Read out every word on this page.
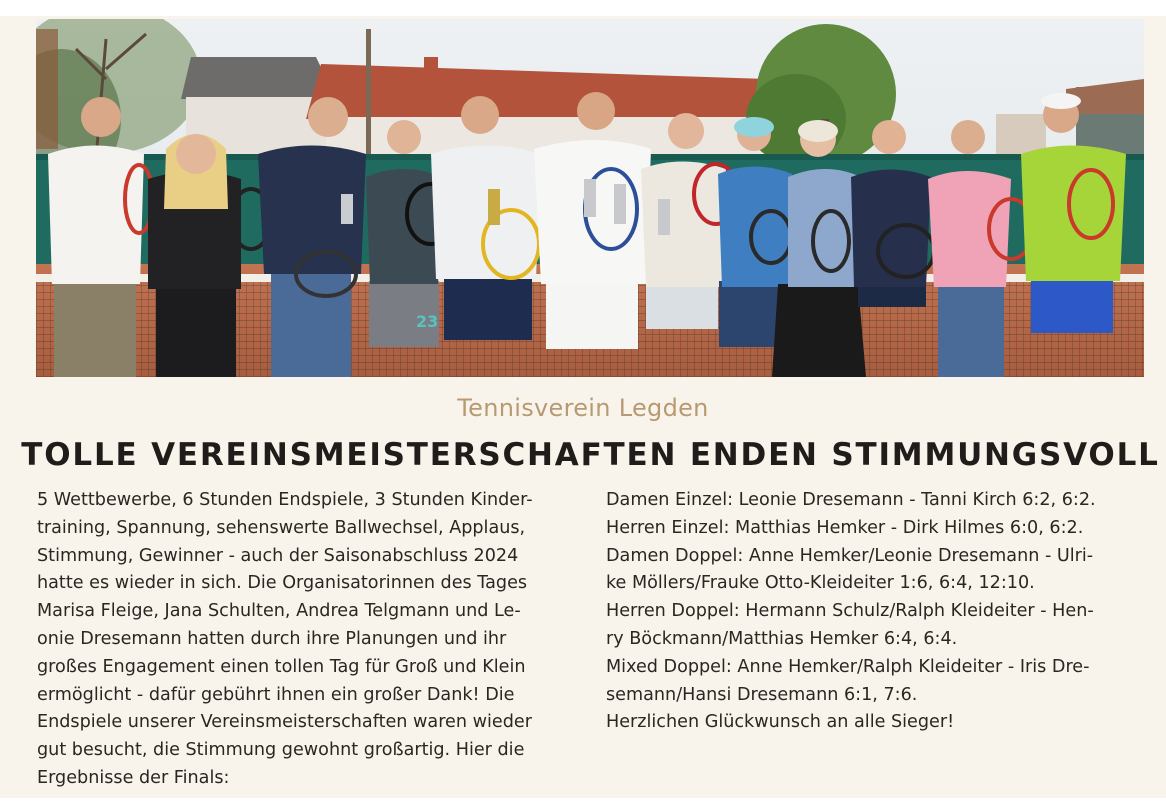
23
Tennisverein Legden
TOLLE VEREINSMEISTERSCHAFTEN ENDEN STIMMUNGSVOLL
5 Wettbewerbe, 6 Stunden Endspiele, 3 Stunden Kinder-
training, Spannung, sehenswerte Ballwechsel, Applaus,
Stimmung, Gewinner - auch der Saisonabschluss 2024
hatte es wieder in sich. Die Organisatorinnen des Tages
Marisa Fleige, Jana Schulten, Andrea Telgmann und Le-
onie Dresemann hatten durch ihre Planungen und ihr
großes Engagement einen tollen Tag für Groß und Klein
ermöglicht - dafür gebührt ihnen ein großer Dank! Die
Endspiele unserer Vereinsmeisterschaften waren wieder
gut besucht, die Stimmung gewohnt großartig. Hier die
Ergebnisse der Finals:
Damen Einzel: Leonie Dresemann - Tanni Kirch 6:2, 6:2.
Herren Einzel: Matthias Hemker - Dirk Hilmes 6:0, 6:2.
Damen Doppel: Anne Hemker/Leonie Dresemann - Ulri-
ke Möllers/Frauke Otto-Kleideiter 1:6, 6:4, 12:10.
Herren Doppel: Hermann Schulz/Ralph Kleideiter - Hen-
ry Böckmann/Matthias Hemker 6:4, 6:4.
Mixed Doppel: Anne Hemker/Ralph Kleideiter - Iris Dre-
semann/Hansi Dresemann 6:1, 7:6.
Herzlichen Glückwunsch an alle Sieger!
